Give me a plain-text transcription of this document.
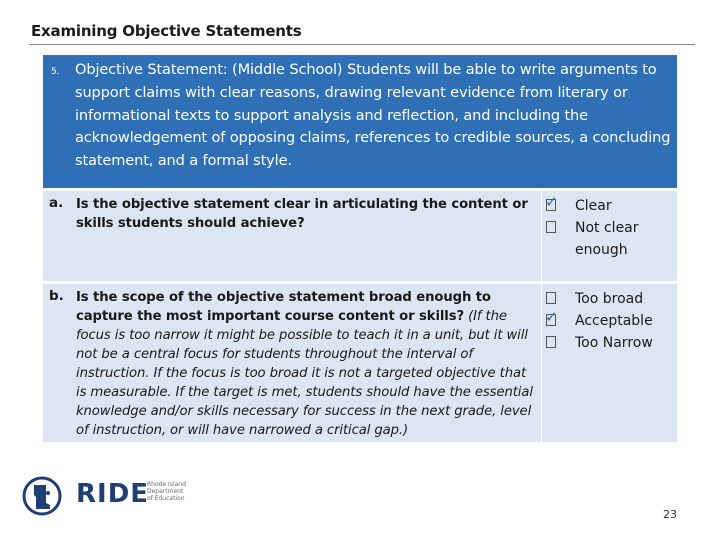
Examining Objective Statements
5. Objective Statement: (Middle School) Students will be able to write arguments to support claims with clear reasons, drawing relevant evidence from literary or informational texts to support analysis and reflection, and including the acknowledgement of opposing claims, references to credible sources, a concluding statement, and a formal style.
a. Is the objective statement clear in articulating the content or skills students should achieve?
✓ Clear
Not clear enough
b. Is the scope of the objective statement broad enough to capture the most important course content or skills? (If the focus is too narrow it might be possible to teach it in a unit, but it will not be a central focus for students throughout the interval of instruction. If the focus is too broad it is not a targeted objective that is measurable. If the target is met, students should have the essential knowledge and/or skills necessary for success in the next grade, level of instruction, or will have narrowed a critical gap.)
Too broad
✓ Acceptable
Too Narrow
RIDE
Rhode Island Department of Education
23
